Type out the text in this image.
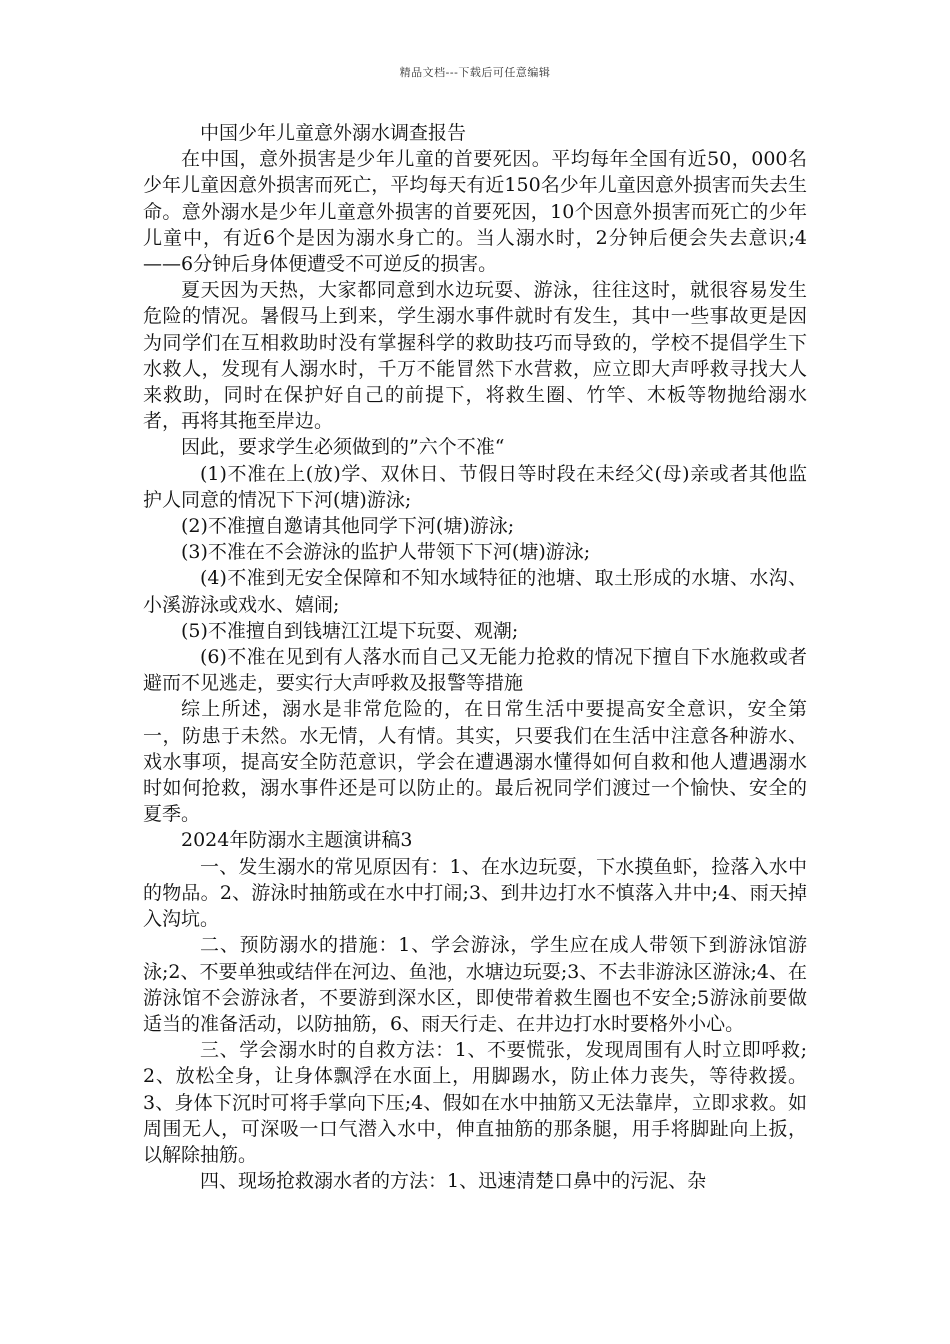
精品文档---下载后可任意编辑

中国少年儿童意外溺水调查报告

在中国，意外损害是少年儿童的首要死因。平均每年全国有近50，000名少年儿童因意外损害而死亡，平均每天有近150名少年儿童因意外损害而失去生命。意外溺水是少年儿童意外损害的首要死因，10个因意外损害而死亡的少年儿童中，有近6个是因为溺水身亡的。当人溺水时，2分钟后便会失去意识;4——6分钟后身体便遭受不可逆反的损害。

夏天因为天热，大家都同意到水边玩耍、游泳，往往这时，就很容易发生危险的情况。暑假马上到来，学生溺水事件就时有发生，其中一些事故更是因为同学们在互相救助时没有掌握科学的救助技巧而导致的，学校不提倡学生下水救人，发现有人溺水时，千万不能冒然下水营救，应立即大声呼救寻找大人来救助，同时在保护好自己的前提下，将救生圈、竹竿、木板等物抛给溺水者，再将其拖至岸边。

因此，要求学生必须做到的”六个不准“

(1)不准在上(放)学、双休日、节假日等时段在未经父(母)亲或者其他监护人同意的情况下下河(塘)游泳;

(2)不准擅自邀请其他同学下河(塘)游泳;

(3)不准在不会游泳的监护人带领下下河(塘)游泳;

(4)不准到无安全保障和不知水域特征的池塘、取土形成的水塘、水沟、小溪游泳或戏水、嬉闹;

(5)不准擅自到钱塘江江堤下玩耍、观潮;

(6)不准在见到有人落水而自己又无能力抢救的情况下擅自下水施救或者避而不见逃走，要实行大声呼救及报警等措施

综上所述，溺水是非常危险的，在日常生活中要提高安全意识，安全第一，防患于未然。水无情，人有情。其实，只要我们在生活中注意各种游水、戏水事项，提高安全防范意识，学会在遭遇溺水懂得如何自救和他人遭遇溺水时如何抢救，溺水事件还是可以防止的。最后祝同学们渡过一个愉快、安全的夏季。

2024年防溺水主题演讲稿3

一、发生溺水的常见原因有：1、在水边玩耍，下水摸鱼虾，捡落入水中的物品。2、游泳时抽筋或在水中打闹;3、到井边打水不慎落入井中;4、雨天掉入沟坑。

二、预防溺水的措施：1、学会游泳，学生应在成人带领下到游泳馆游泳;2、不要单独或结伴在河边、鱼池，水塘边玩耍;3、不去非游泳区游泳;4、在游泳馆不会游泳者，不要游到深水区，即使带着救生圈也不安全;5游泳前要做适当的准备活动，以防抽筋，6、雨天行走、在井边打水时要格外小心。

三、学会溺水时的自救方法：1、不要慌张，发现周围有人时立即呼救;2、放松全身，让身体飘浮在水面上，用脚踢水，防止体力丧失，等待救援。3、身体下沉时可将手掌向下压;4、假如在水中抽筋又无法靠岸，立即求救。如周围无人，可深吸一口气潜入水中，伸直抽筋的那条腿，用手将脚趾向上扳，以解除抽筋。

四、现场抢救溺水者的方法：1、迅速清楚口鼻中的污泥、杂
